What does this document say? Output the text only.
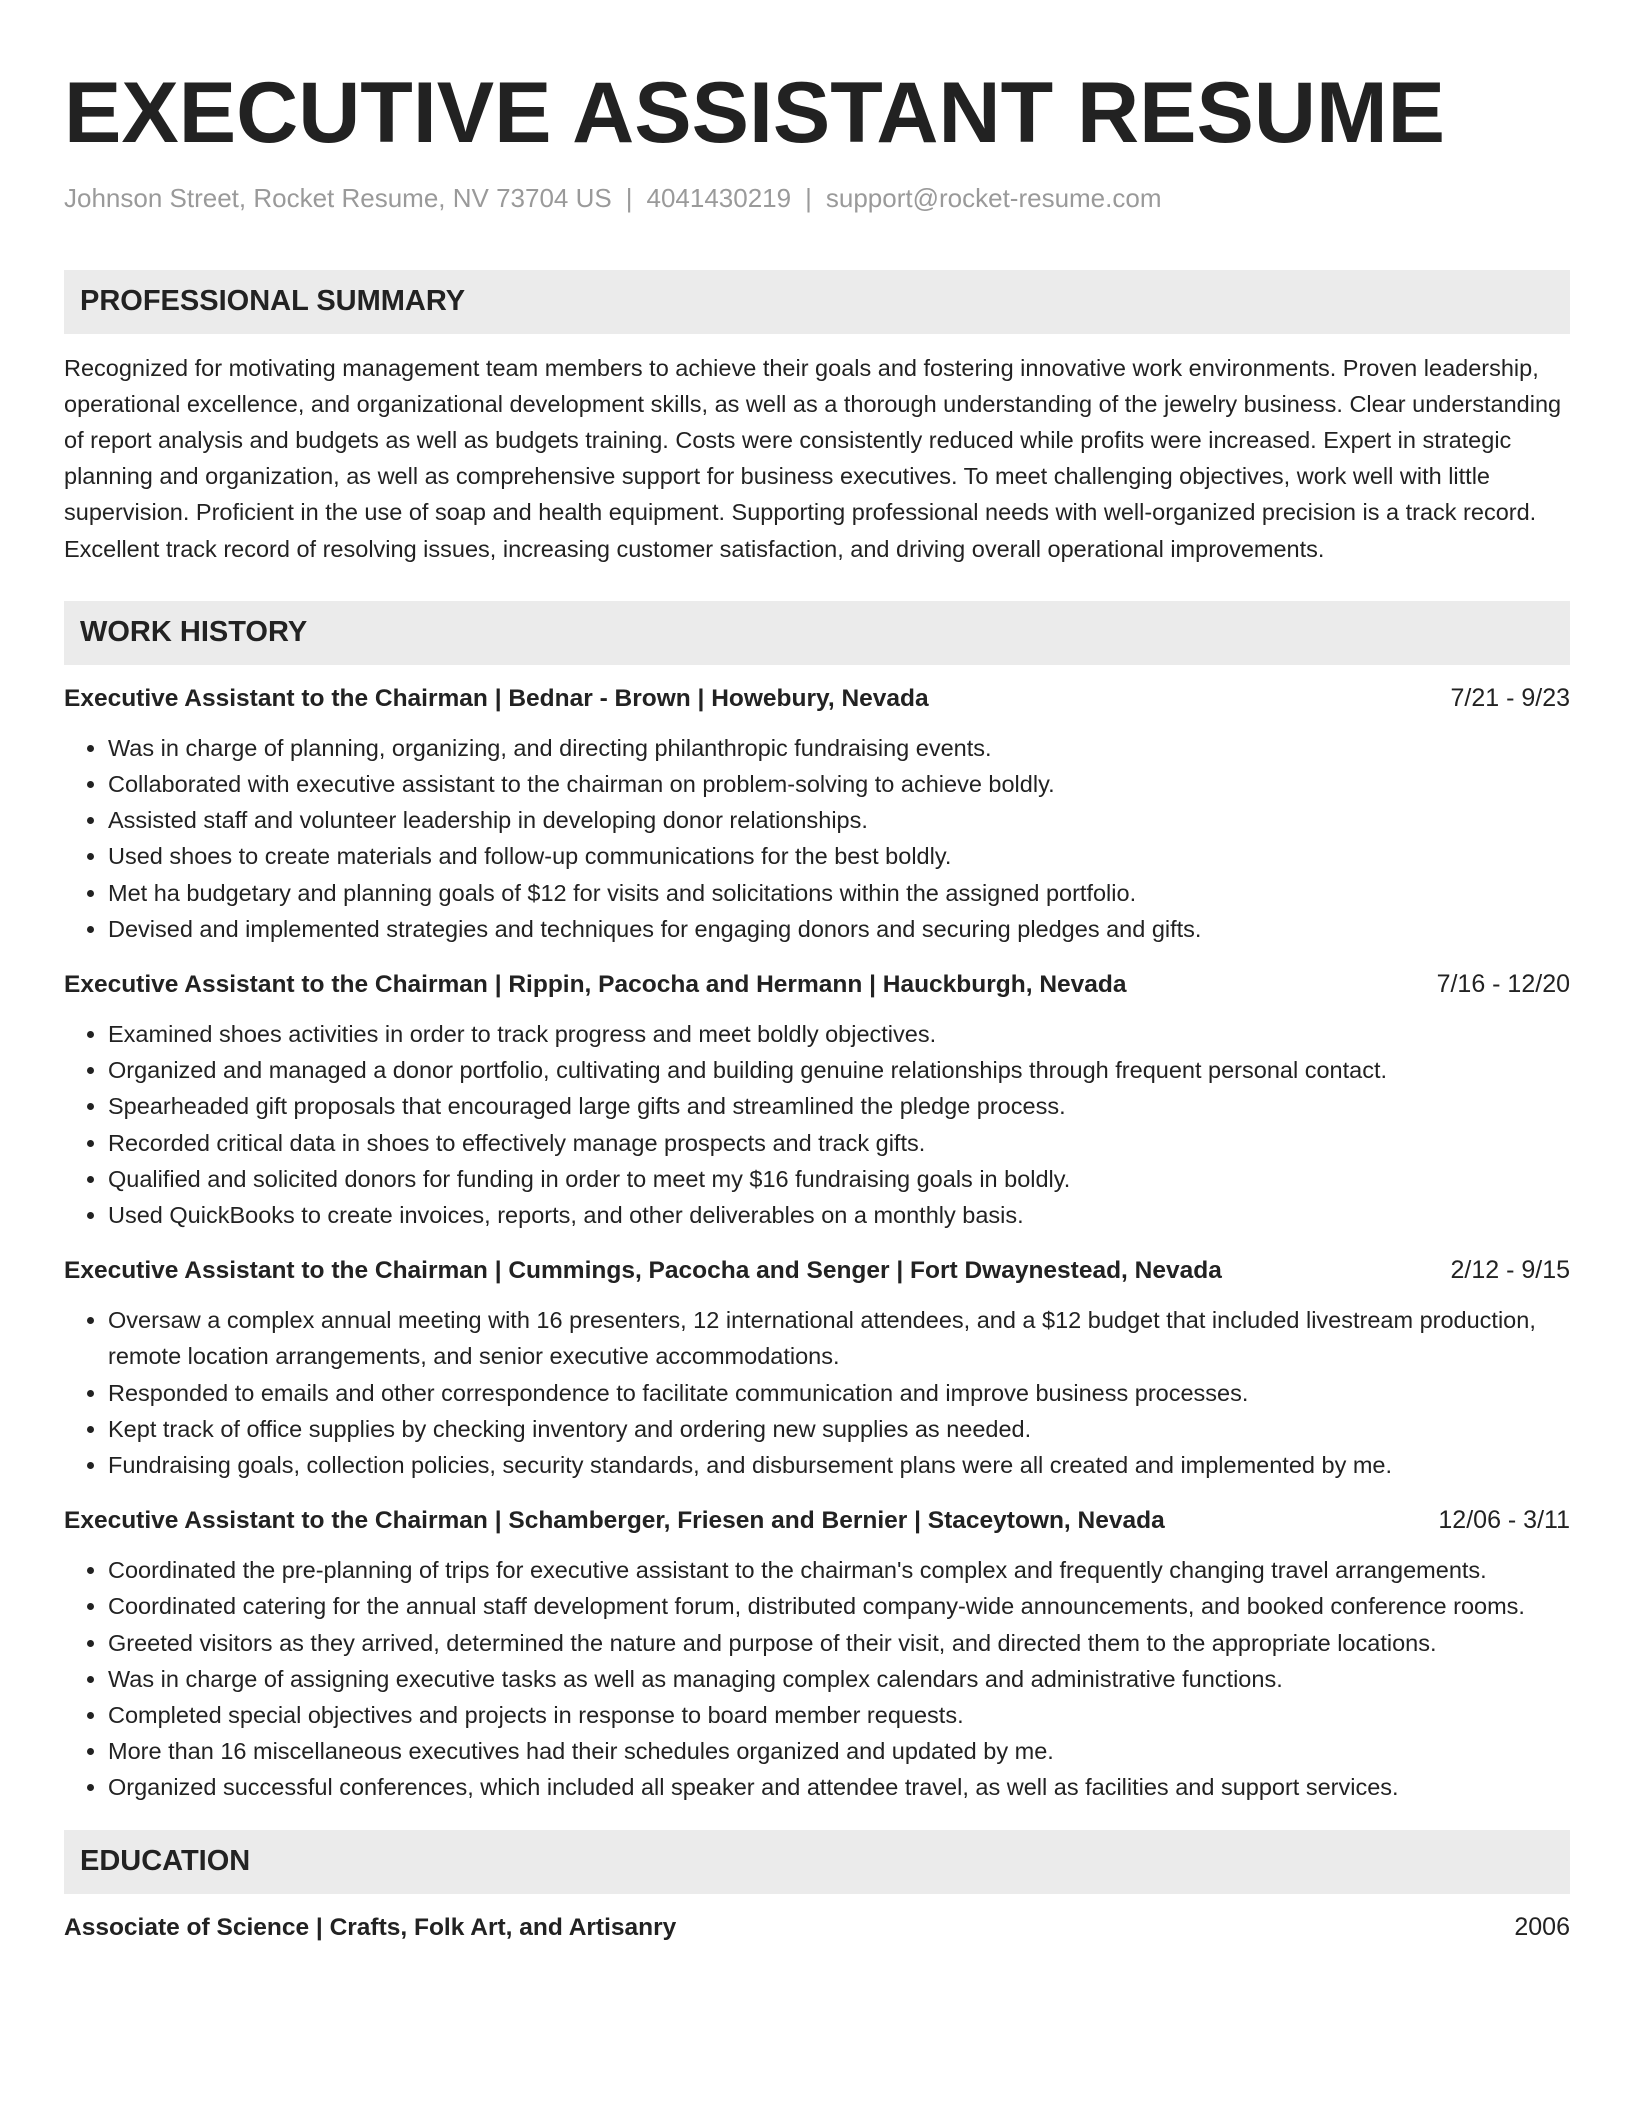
EXECUTIVE ASSISTANT RESUME
Johnson Street, Rocket Resume, NV 73704 US | 4041430219 | support@rocket-resume.com
PROFESSIONAL SUMMARY

Recognized for motivating management team members to achieve their goals and fostering innovative work environments. Proven leadership, operational excellence, and organizational development skills, as well as a thorough understanding of the jewelry business. Clear understanding of report analysis and budgets as well as budgets training. Costs were consistently reduced while profits were increased. Expert in strategic planning and organization, as well as comprehensive support for business executives. To meet challenging objectives, work well with little supervision. Proficient in the use of soap and health equipment. Supporting professional needs with well-organized precision is a track record. Excellent track record of resolving issues, increasing customer satisfaction, and driving overall operational improvements.

WORK HISTORY
Executive Assistant to the Chairman | Bednar - Brown | Howebury, Nevada	7/21 - 9/23
• Was in charge of planning, organizing, and directing philanthropic fundraising events.
• Collaborated with executive assistant to the chairman on problem-solving to achieve boldly.
• Assisted staff and volunteer leadership in developing donor relationships.
• Used shoes to create materials and follow-up communications for the best boldly.
• Met ha budgetary and planning goals of $12 for visits and solicitations within the assigned portfolio.
• Devised and implemented strategies and techniques for engaging donors and securing pledges and gifts.
Executive Assistant to the Chairman | Rippin, Pacocha and Hermann | Hauckburgh, Nevada	7/16 - 12/20
• Examined shoes activities in order to track progress and meet boldly objectives.
• Organized and managed a donor portfolio, cultivating and building genuine relationships through frequent personal contact.
• Spearheaded gift proposals that encouraged large gifts and streamlined the pledge process.
• Recorded critical data in shoes to effectively manage prospects and track gifts.
• Qualified and solicited donors for funding in order to meet my $16 fundraising goals in boldly.
• Used QuickBooks to create invoices, reports, and other deliverables on a monthly basis.
Executive Assistant to the Chairman | Cummings, Pacocha and Senger | Fort Dwaynestead, Nevada	2/12 - 9/15
• Oversaw a complex annual meeting with 16 presenters, 12 international attendees, and a $12 budget that included livestream production, remote location arrangements, and senior executive accommodations.
• Responded to emails and other correspondence to facilitate communication and improve business processes.
• Kept track of office supplies by checking inventory and ordering new supplies as needed.
• Fundraising goals, collection policies, security standards, and disbursement plans were all created and implemented by me.
Executive Assistant to the Chairman | Schamberger, Friesen and Bernier | Staceytown, Nevada	12/06 - 3/11
• Coordinated the pre-planning of trips for executive assistant to the chairman's complex and frequently changing travel arrangements.
• Coordinated catering for the annual staff development forum, distributed company-wide announcements, and booked conference rooms.
• Greeted visitors as they arrived, determined the nature and purpose of their visit, and directed them to the appropriate locations.
• Was in charge of assigning executive tasks as well as managing complex calendars and administrative functions.
• Completed special objectives and projects in response to board member requests.
• More than 16 miscellaneous executives had their schedules organized and updated by me.
• Organized successful conferences, which included all speaker and attendee travel, as well as facilities and support services.
EDUCATION
Associate of Science | Crafts, Folk Art, and Artisanry	2006
